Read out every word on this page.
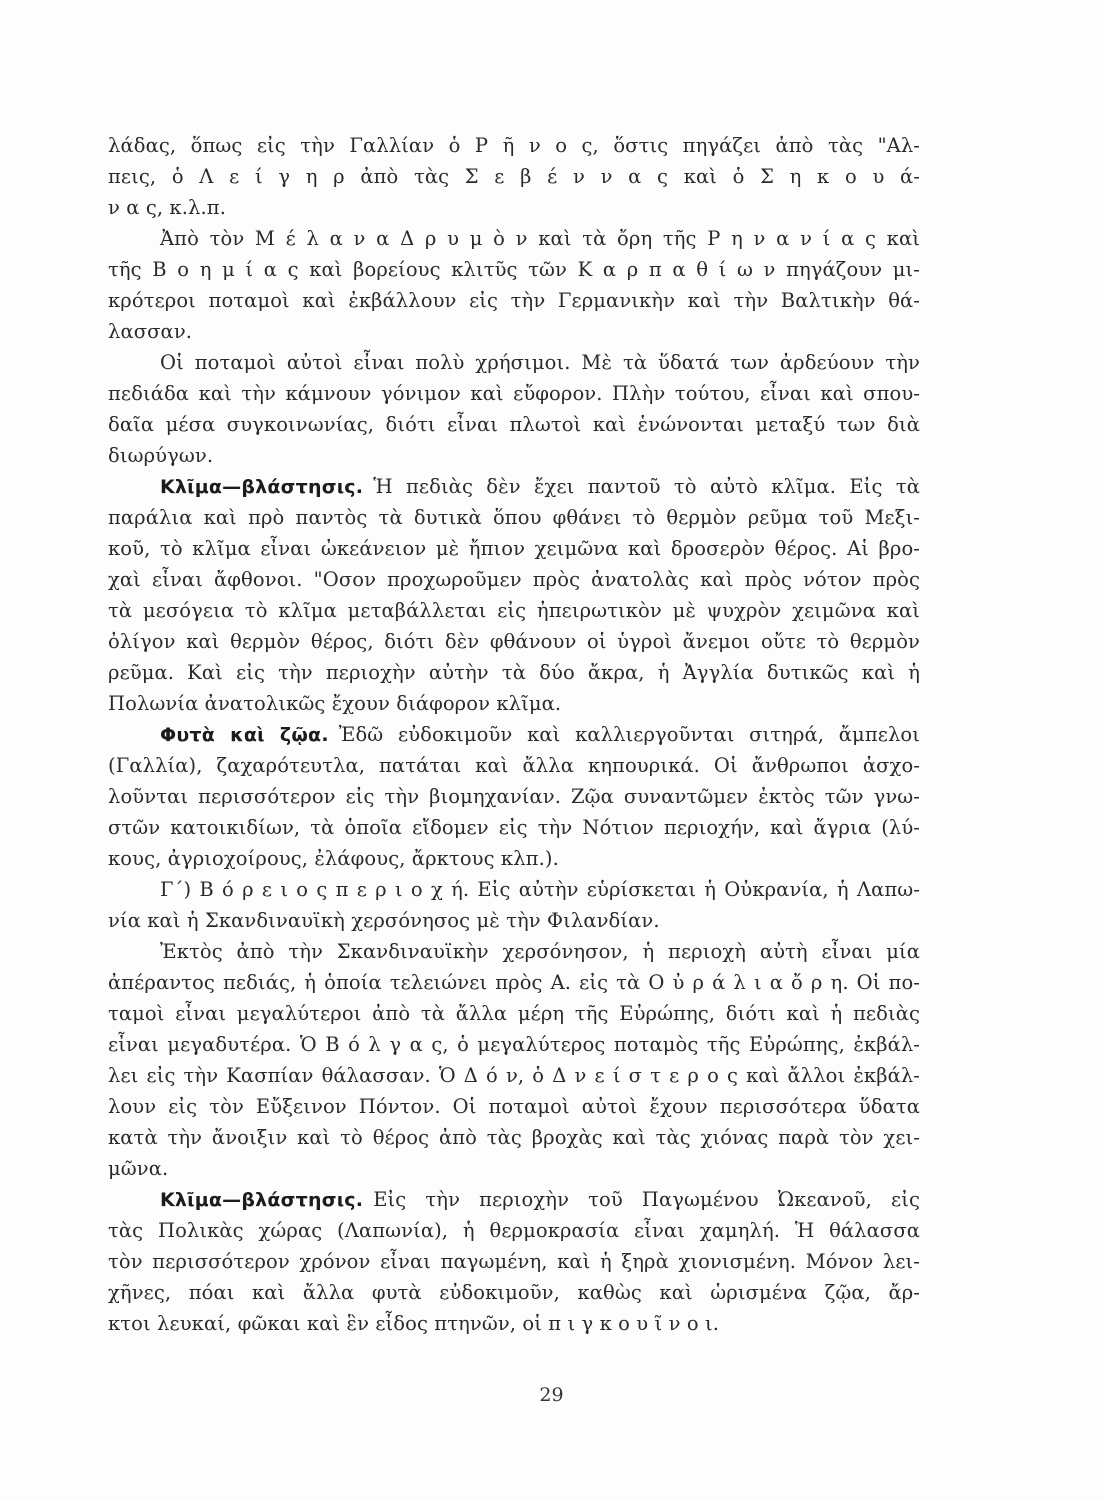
λάδας, ὅπως εἰς τὴν Γαλλίαν ὁ Ρ ῆ ν ο ς, ὅστις πηγάζει ἀπὸ τὰς "Αλ-
πεις, ὁ Λ ε ί γ η ρ ἀπὸ τὰς Σ ε β έ ν ν α ς καὶ ὁ Σ η κ ο υ ά-
ν α ς, κ.λ.π.
Ἀπὸ τὸν Μ έ λ α ν α Δ ρ υ μ ὸ ν καὶ τὰ ὄρη τῆς Ρ η ν α ν ί α ς καὶ
τῆς Β ο η μ ί α ς καὶ βορείους κλιτῦς τῶν Κ α ρ π α θ ί ω ν πηγάζουν μι-
κρότεροι ποταμοὶ καὶ ἐκβάλλουν εἰς τὴν Γερμανικὴν καὶ τὴν Βαλτικὴν θά-
λασσαν.
Οἱ ποταμοὶ αὐτοὶ εἶναι πολὺ χρήσιμοι. Μὲ τὰ ὕδατά των ἀρδεύουν τὴν
πεδιάδα καὶ τὴν κάμνουν γόνιμον καὶ εὔφορον. Πλὴν τούτου, εἶναι καὶ σπου-
δαῖα μέσα συγκοινωνίας, διότι εἶναι πλωτοὶ καὶ ἑνώνονται μεταξύ των διὰ
διωρύγων.
Κλῖμα—βλάστησις. Ἡ πεδιὰς δὲν ἔχει παντοῦ τὸ αὐτὸ κλῖμα. Εἰς τὰ
παράλια καὶ πρὸ παντὸς τὰ δυτικὰ ὅπου φθάνει τὸ θερμὸν ρεῦμα τοῦ Μεξι-
κοῦ, τὸ κλῖμα εἶναι ὠκεάνειον μὲ ἤπιον χειμῶνα καὶ δροσερὸν θέρος. Αἱ βρο-
χαὶ εἶναι ἄφθονοι. "Οσον προχωροῦμεν πρὸς ἀνατολὰς καὶ πρὸς νότον πρὸς
τὰ μεσόγεια τὸ κλῖμα μεταβάλλεται εἰς ἠπειρωτικὸν μὲ ψυχρὸν χειμῶνα καὶ
ὀλίγον καὶ θερμὸν θέρος, διότι δὲν φθάνουν οἱ ὑγροὶ ἄνεμοι οὔτε τὸ θερμὸν
ρεῦμα. Καὶ εἰς τὴν περιοχὴν αὐτὴν τὰ δύο ἄκρα, ἡ Ἀγγλία δυτικῶς καὶ ἡ
Πολωνία ἀνατολικῶς ἔχουν διάφορον κλῖμα.
Φυτὰ καὶ ζῷα. Ἐδῶ εὐδοκιμοῦν καὶ καλλιεργοῦνται σιτηρά, ἄμπελοι
(Γαλλία), ζαχαρότευτλα, πατάται καὶ ἄλλα κηπουρικά. Οἱ ἄνθρωποι ἀσχο-
λοῦνται περισσότερον εἰς τὴν βιομηχανίαν. Ζῷα συναντῶμεν ἐκτὸς τῶν γνω-
στῶν κατοικιδίων, τὰ ὁποῖα εἴδομεν εἰς τὴν Νότιον περιοχήν, καὶ ἄγρια (λύ-
κους, ἀγριοχοίρους, ἐλάφους, ἄρκτους κλπ.).
Γ΄) Β ό ρ ε ι ο ς π ε ρ ι ο χ ή. Εἰς αὐτὴν εὑρίσκεται ἡ Οὐκρανία, ἡ Λαπω-
νία καὶ ἡ Σκανδιναυϊκὴ χερσόνησος μὲ τὴν Φιλανδίαν.
Ἐκτὸς ἀπὸ τὴν Σκανδιναυϊκὴν χερσόνησον, ἡ περιοχὴ αὐτὴ εἶναι μία
ἀπέραντος πεδιάς, ἡ ὁποία τελειώνει πρὸς Α. εἰς τὰ Ο ὐ ρ ά λ ι α ὄ ρ η. Οἱ πο-
ταμοὶ εἶναι μεγαλύτεροι ἀπὸ τὰ ἄλλα μέρη τῆς Εὐρώπης, διότι καὶ ἡ πεδιὰς
εἶναι μεγαδυτέρα. Ὁ Β ό λ γ α ς, ὁ μεγαλύτερος ποταμὸς τῆς Εὐρώπης, ἐκβάλ-
λει εἰς τὴν Κασπίαν θάλασσαν. Ὁ Δ ό ν, ὁ Δ ν ε ί σ τ ε ρ ο ς καὶ ἄλλοι ἐκβάλ-
λουν εἰς τὸν Εὔξεινον Πόντον. Οἱ ποταμοὶ αὐτοὶ ἔχουν περισσότερα ὕδατα
κατὰ τὴν ἄνοιξιν καὶ τὸ θέρος ἀπὸ τὰς βροχὰς καὶ τὰς χιόνας παρὰ τὸν χει-
μῶνα.
Κλῖμα—βλάστησις. Εἰς τὴν περιοχὴν τοῦ Παγωμένου Ὠκεανοῦ, εἰς
τὰς Πολικὰς χώρας (Λαπωνία), ἡ θερμοκρασία εἶναι χαμηλή. Ἡ θάλασσα
τὸν περισσότερον χρόνον εἶναι παγωμένη, καὶ ἡ ξηρὰ χιονισμένη. Μόνον λει-
χῆνες, πόαι καὶ ἄλλα φυτὰ εὐδοκιμοῦν, καθὼς καὶ ὡρισμένα ζῷα, ἄρ-
κτοι λευκαί, φῶκαι καὶ ἓν εἶδος πτηνῶν, οἱ π ι γ κ ο υ ῖ ν ο ι.
29
